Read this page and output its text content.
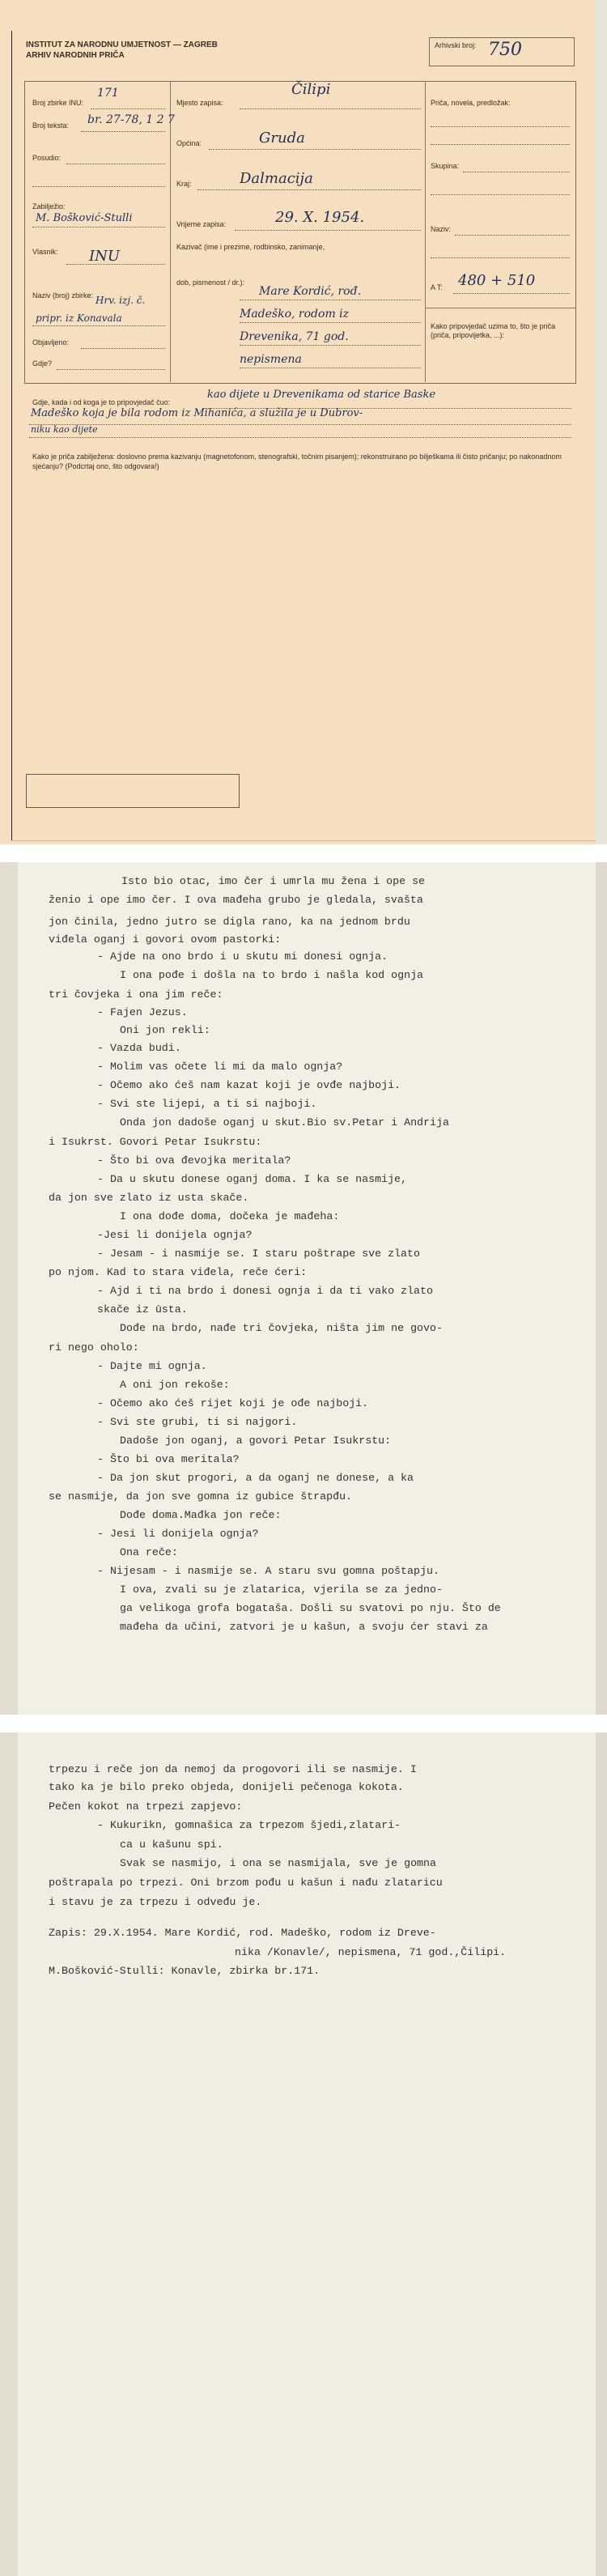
INSTITUT ZA NARODNU UMJETNOST — ZAGREB
ARHIV NARODNIH PRIČA
Arhivski broj: 750
Broj zbirke INU:
171
Broj teksta: br. 27-78, 1 2 7
Posudio:
Zabilježio:
M. Bošković-Stulli
Vlasnik: INU
Naziv (broj) zbirke: Hrv. izj. č.
pripr. iz Konavala
Objavljeno:
Gdje?
Mjesto zapisa:
Čilipi
Općina:	Gruda
Kraj:	Dalmacija
Vrijeme zapisa:	29. X. 1954.
Kazivač (ime i prezime, rodbinsko, zanimanje,
dob, pismenost / dr.):
Mare Kordić, rođ.
Madeško, rodom iz
Drevenika, 71 god.
nepismena
Priča, novela, predložak:
Skupina:
Naziv:
A T: 480 + 510
Kako pripovjedač uzima to, što je priča (priča, pripovijetka, ...):
Gdje, kada i od koga je to pripovjedač čuo:
kao dijete u Drevenikama od starice Baske
Madeško koja je bila rodom iz Mihanića, a služila je u Dubrov-
niku kao dijete
Kako je priča zabilježena: doslovno prema kazivanju (magnetofonom, stenografski, točnim pisanjem); rekonstruirano po bilješkama ili čisto pričanju; po nakonadnom sjećanju? (Podcrtaj ono, što odgovara!)
Isto bio otac, imo čer i umrla mu žena i ope se
ženio i ope imo čer. I ova mađeha grubo je gledala, svašta
jon činila, jedno jutro se digla rano, ka na jednom brdu
viđela oganj i govori ovom pastorki:
- Ajde na ono brdo i u skutu mi donesi ognja.
I ona pođe i došla na to brdo i našla kod ognja
tri čovjeka i ona jim reče:
- Fajen Jezus.
Oni jon rekli:
- Vazda budi.
- Molim vas očete li mi da malo ognja?
- Očemo ako ćeš nam kazat koji je ovđe najboji.
- Svi ste lijepi, a ti si najboji.
Onda jon dadoše oganj u skut.Bio sv.Petar i Andrija
i Isukrst. Govori Petar Isukrstu:
- Što bi ova đevojka meritala?
- Da u skutu donese oganj doma. I ka se nasmije,
da jon sve zlato iz usta skače.
I ona dođe doma, dočeka je mađeha:
-Jesi li donijela ognja?
- Jesam - i nasmije se. I staru poštrape sve zlato
po njom. Kad to stara viđela, reče ćeri:
- Ajd i ti na brdo i donesi ognja i da ti vako zlato
skače iz ūsta.
Dođe na brdo, nađe tri čovjeka, ništa jim ne govo-
ri nego oholo:
- Dajte mi ognja.
A oni jon rekoše:
- Očemo ako ćeš rijet koji je ođe najboji.
- Svi ste grubi, ti si najgori.
Dadoše jon oganj, a govori Petar Isukrstu:
- Što bi ova meritala?
- Da jon skut progori, a da oganj ne donese, a ka
se nasmije, da jon sve gomna iz gubice štrapđu.
Dođe doma.Mađka jon reče:
- Jesi li donijela ognja?
Ona reče:
- Nijesam - i nasmije se. A staru svu gomna poštapju.
I ova, zvali su je zlatarica, vjerila se za jedno-
ga velikoga grofa bogataša. Došli su svatovi po nju. Što de
mađeha da učini, zatvori je u kašun, a svoju ćer stavi za
trpezu i reče jon da nemoj da progovori ili se nasmije. I
tako ka je bilo preko objeda, donijeli pečenoga kokota.
Pečen kokot na trpezi zapjevo:
- Kukurikn, gomnašica za trpezom šjedi,zlatari-
ca u kašunu spi.
Svak se nasmijo, i ona se nasmijala, sve je gomna
poštrapala po trpezi. Oni brzom pođu u kašun i nađu zlataricu
i stavu je za trpezu i odveđu je.
Zapis: 29.X.1954. Mare Kordić, rod. Madeško, rodom iz Dreve-
nika /Konavle/, nepismena, 71 god.,Čilipi.
M.Bošković-Stulli: Konavle, zbirka br.171.
